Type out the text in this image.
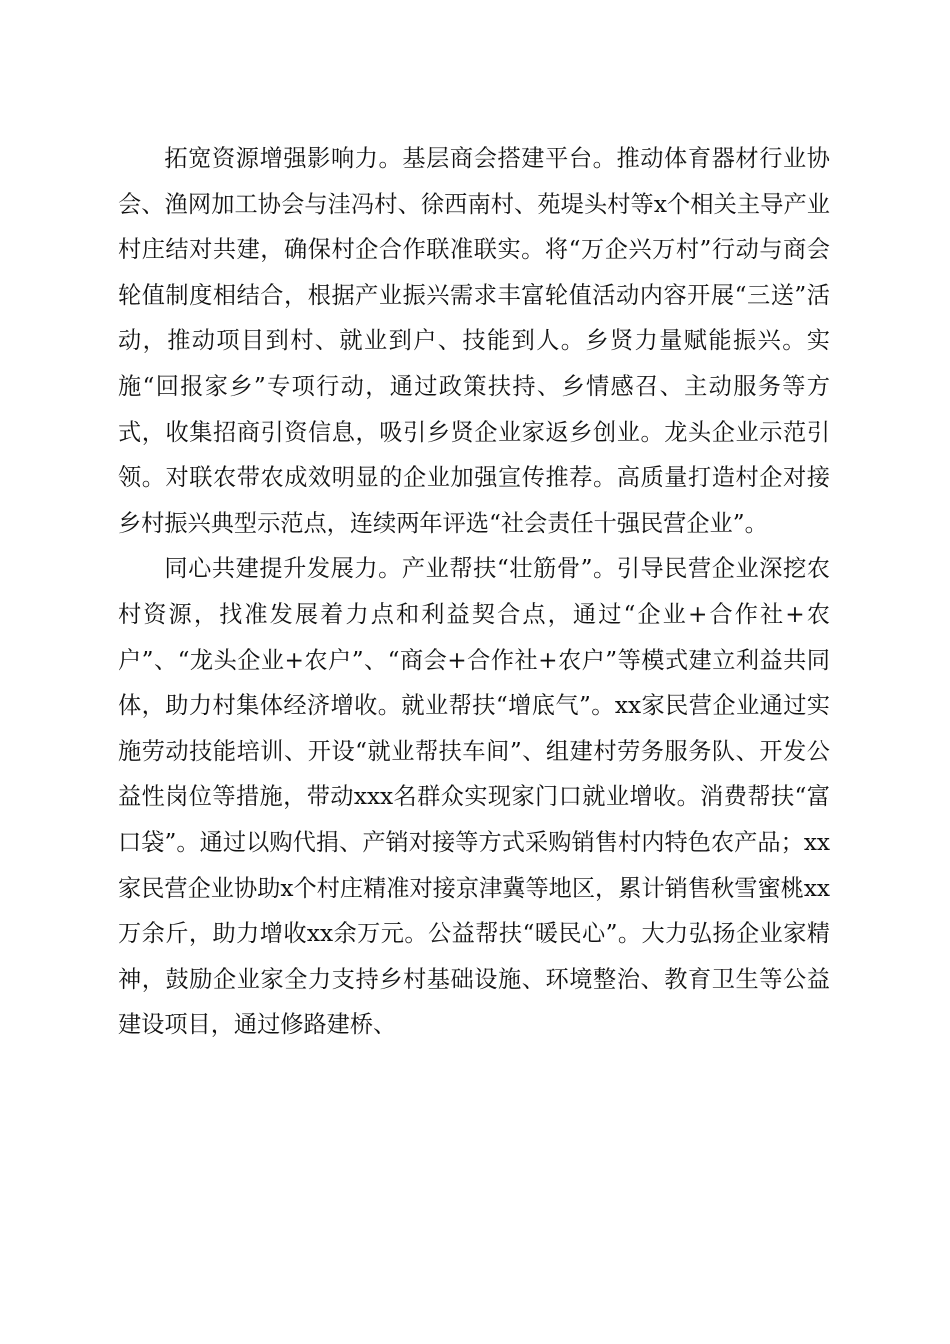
拓宽资源增强影响力。基层商会搭建平台。推动体育器材行业协会、渔网加工协会与洼冯村、徐西南村、苑堤头村等x个相关主导产业村庄结对共建，确保村企合作联准联实。将“万企兴万村”行动与商会轮值制度相结合，根据产业振兴需求丰富轮值活动内容开展“三送”活动，推动项目到村、就业到户、技能到人。乡贤力量赋能振兴。实施“回报家乡”专项行动，通过政策扶持、乡情感召、主动服务等方式，收集招商引资信息，吸引乡贤企业家返乡创业。龙头企业示范引领。对联农带农成效明显的企业加强宣传推荐。高质量打造村企对接乡村振兴典型示范点，连续两年评选“社会责任十强民营企业”。

同心共建提升发展力。产业帮扶“壮筋骨”。引导民营企业深挖农村资源，找准发展着力点和利益契合点，通过“企业+合作社+农户”、“龙头企业+农户”、“商会+合作社+农户”等模式建立利益共同体，助力村集体经济增收。就业帮扶“增底气”。xx家民营企业通过实施劳动技能培训、开设“就业帮扶车间”、组建村劳务服务队、开发公益性岗位等措施，带动xxx名群众实现家门口就业增收。消费帮扶“富口袋”。通过以购代捐、产销对接等方式采购销售村内特色农产品；xx家民营企业协助x个村庄精准对接京津冀等地区，累计销售秋雪蜜桃xx万余斤，助力增收xx余万元。公益帮扶“暖民心”。大力弘扬企业家精神，鼓励企业家全力支持乡村基础设施、环境整治、教育卫生等公益建设项目，通过修路建桥、
